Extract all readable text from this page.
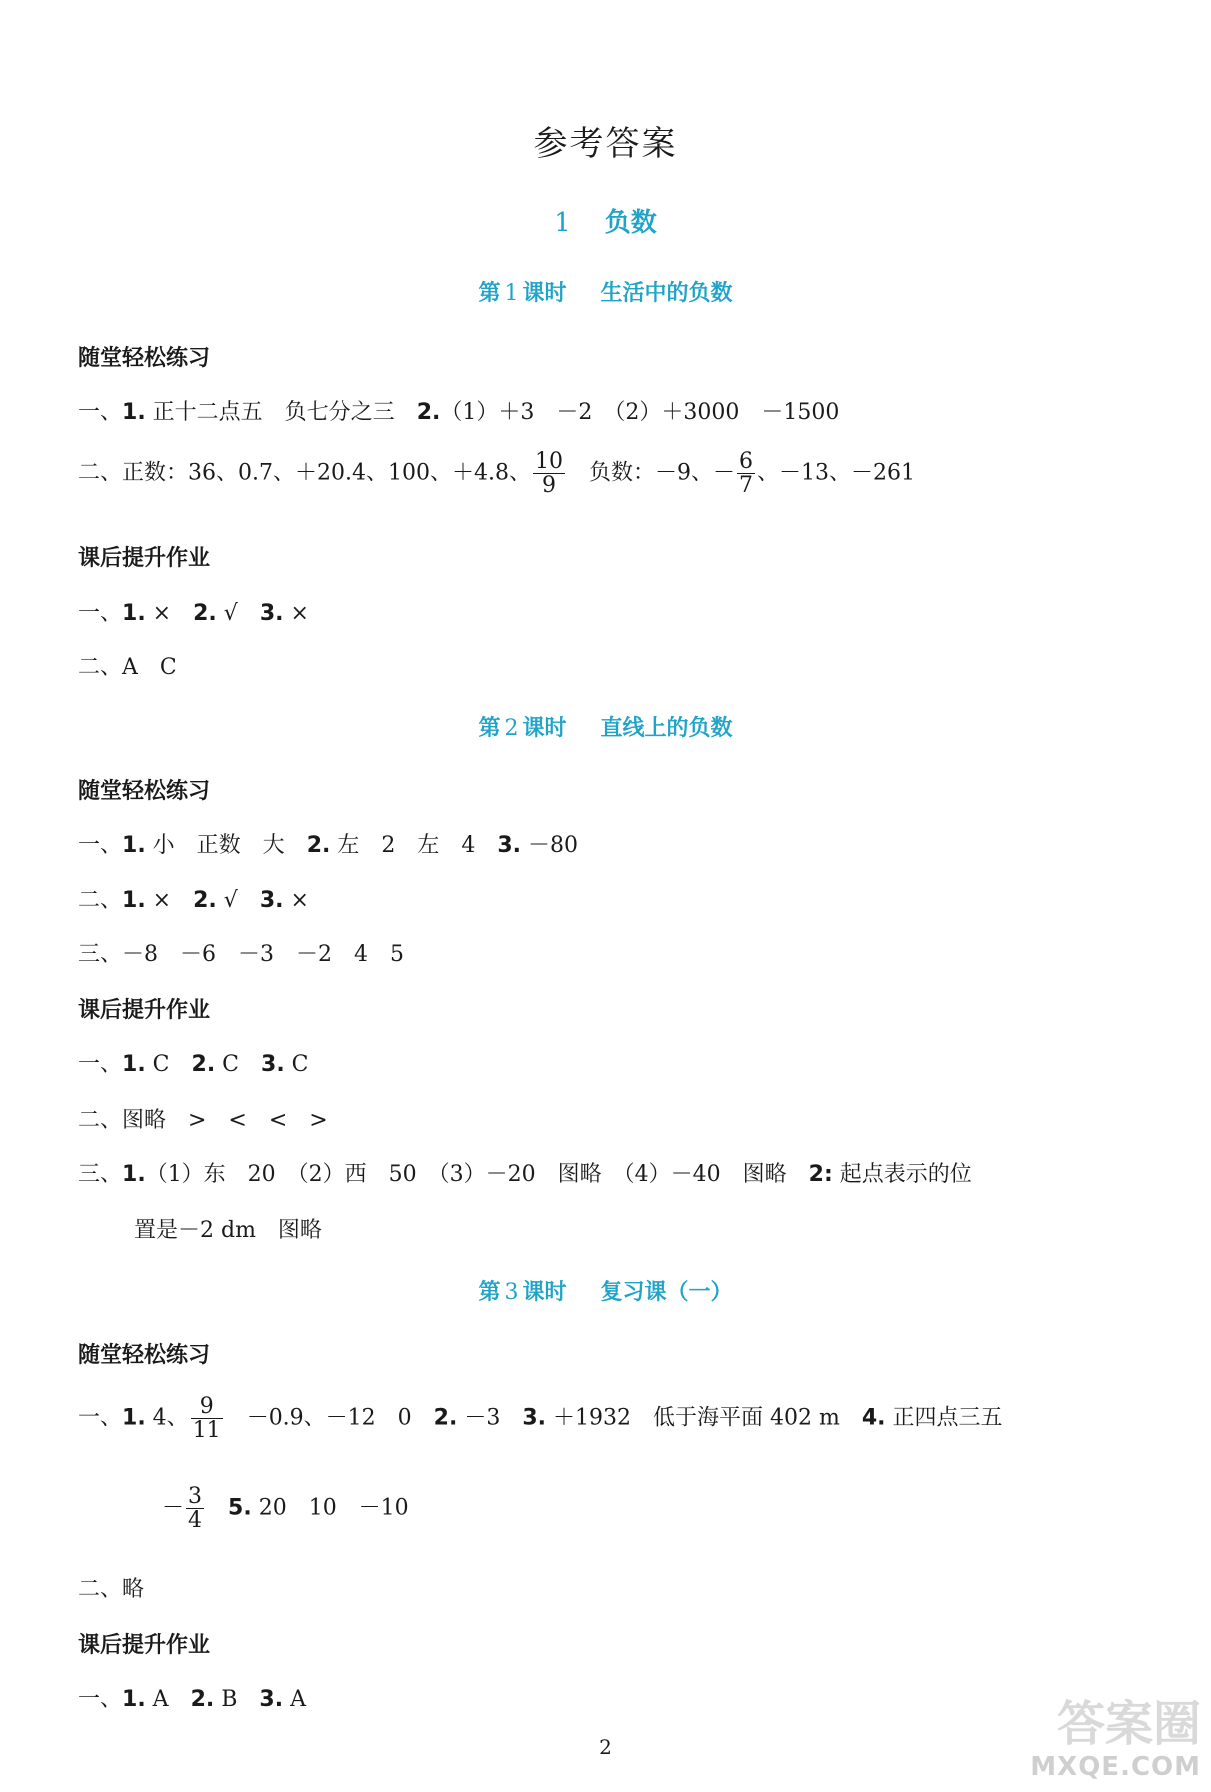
参考答案
1 负数
第 1 课时 生活中的负数
随堂轻松练习
一、1. 正十二点五　负七分之三　2.（1）＋3　－2　（2）＋3000　－1500
二、正数：36、0.7、＋20.4、100、＋4.8、 $\frac{10}{9}$ 　负数：－9、－ $\frac{6}{7}$ 、－13、－261
课后提升作业
一、1. ×　2. √　3. ×
二、A　C
第 2 课时 直线上的负数
随堂轻松练习
一、1. 小　正数　大　2. 左　2　左　4　3. －80
二、1. ×　2. √　3. ×
三、－8　－6　－3　－2　4　5
课后提升作业
一、1. C　2. C　3. C
二、图略　>　<　<　>
三、1.（1）东　20　（2）西　50　（3）－20　图略　（4）－40　图略　2: 起点表示的位
置是－2 dm　图略
第 3 课时 复习课（一）
随堂轻松练习
一、1. 4、 $\frac{9}{11}$ 　－0.9、－12　0　2. －3　3. ＋1932　低于海平面 402 m　4. 正四点三五
－ $\frac{3}{4}$
　 5. 20　10　－10
二、略
课后提升作业
一、1. A　2. B　3. A
2	答案圈
MXQE.COM
